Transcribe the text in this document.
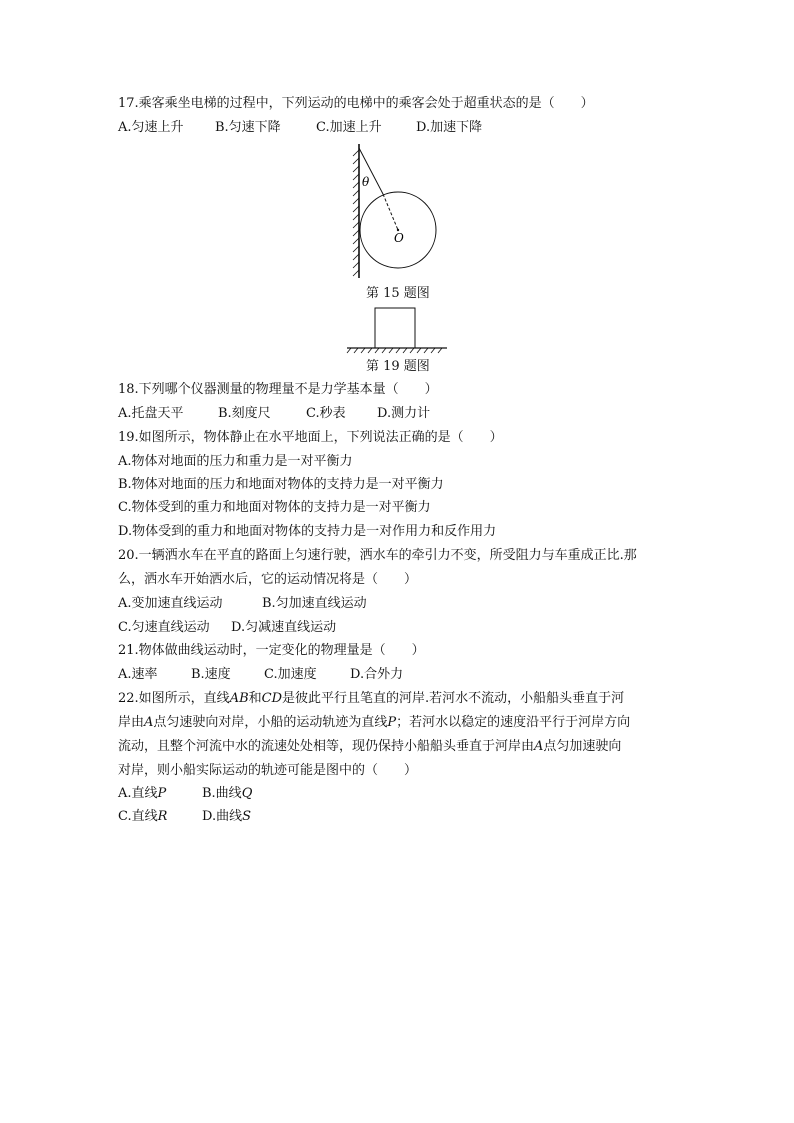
17.乘客乘坐电梯的过程中，下列运动的电梯中的乘客会处于超重状态的是（　　）
A.匀速上升 B.匀速下降	C.加速上升	D.加速下降
θ
O
第 15 题图
第 19 题图
18.下列哪个仪器测量的物理量不是力学基本量（　　）
A.托盘天平	B.刻度尺	C.秒表 D.测力计
19.如图所示，物体静止在水平地面上，下列说法正确的是（　　）
A.物体对地面的压力和重力是一对平衡力
B.物体对地面的压力和地面对物体的支持力是一对平衡力
C.物体受到的重力和地面对物体的支持力是一对平衡力
D.物体受到的重力和地面对物体的支持力是一对作用力和反作用力
20.一辆洒水车在平直的路面上匀速行驶，洒水车的牵引力不变，所受阻力与车重成正比.那
么，洒水车开始洒水后，它的运动情况将是（　　）
A.变加速直线运动	B.匀加速直线运动
C.匀速直线运动 D.匀减速直线运动
21.物体做曲线运动时，一定变化的物理量是（　　）
A.速率	B.速度	C.加速度	D.合外力
22.如图所示，直线AB和CD是彼此平行且笔直的河岸.若河水不流动，小船船头垂直于河
岸由A点匀速驶向对岸，小船的运动轨迹为直线P；若河水以稳定的速度沿平行于河岸方向
流动，且整个河流中水的流速处处相等，现仍保持小船船头垂直于河岸由A点匀加速驶向
对岸，则小船实际运动的轨迹可能是图中的（　　）
A.直线P	B.曲线Q
C.直线R	D.曲线S
